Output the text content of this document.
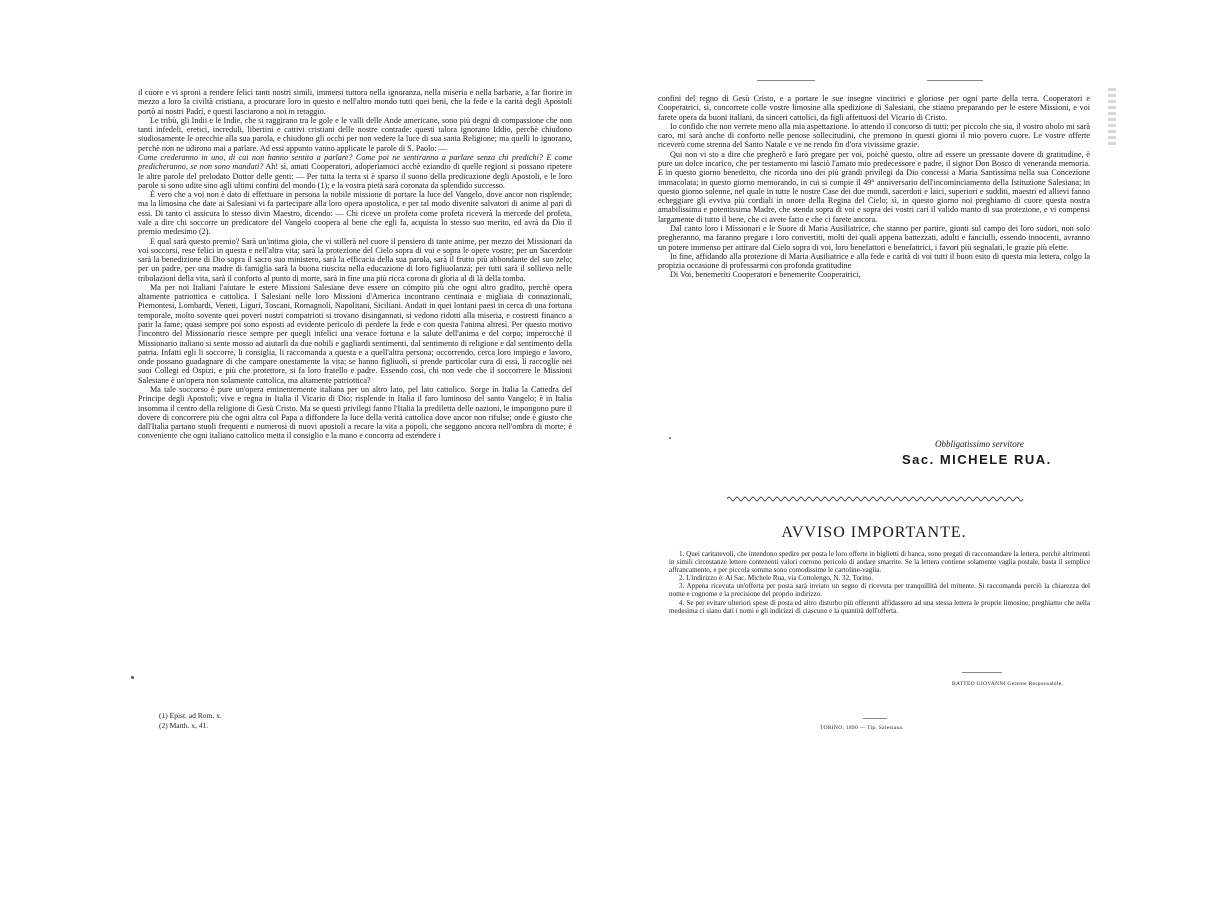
il cuore e vi sproni a rendere felici tanti nostri simili, immersi tuttora nella ignoranza, nella miseria e nella barbarie, a far fiorire in mezzo a loro la civiltà cristiana, a procurare loro in questo e nell'altro mondo tutti quei beni, che la fede e la carità degli Apostoli portò ai nostri Padri, e questi lasciarono a noi in retaggio.

Le tribù, gli Indii e le Indie, che si raggirano tra le gole e le valli delle Ande americane, sono più degni di compassione che non tanti infedeli, eretici, increduli, libertini e cattivi cristiani delle nostre contrade: questi talora ignorano Iddio, perchè chiudono studiosamente le orecchie alla sua parola, e chiudono gli occhi per non vedere la luce di sua santa Religione; ma quelli lo ignorano, perchè non ne udirono mai a parlare. Ad essi appunto vanno applicate le parole di S. Paolo: —

Come crederanno in uno, di cui non hanno sentito a parlare? Come poi ne sentiranno a parlare senza chi predichi? E come predicheranno, se non sono mandati? Ah! sì, amati Cooperatori, adoperiamoci acchè eziandio di quelle regioni si possano ripetere le altre parole del prelodato Dottor delle genti: — Per tutta la terra si è sparso il suono della predicazione degli Apostoli, e le loro parole si sono udite sino agli ultimi confini del mondo (1); e la vostra pietà sarà coronata da splendido successo.

È vero che a voi non è dato di effettuare in persona la nobile missione di portare la luce del Vangelo, dove ancor non risplende; ma la limosina che date ai Salesiani vi fa partecipare alla loro opera apostolica, e per tal modo divenite salvatori di anime al pari di essi. Di tanto ci assicura lo stesso divin Maestro, dicendo: — Chi riceve un profeta come profeta riceverà la mercede del profeta, vale a dire chi soccorre un predicatore del Vangelo coopera al bene che egli fa, acquista lo stesso suo merito, ed avrà da Dio il premio medesimo (2).

E qual sarà questo premio? Sarà un'intima gioia, che vi stillerà nel cuore il pensiero di tante anime, per mezzo dei Missionari da voi soccorsi, rese felici in questa e nell'altra vita; sarà la protezione del Cielo sopra di voi e sopra le opere vostre; per un Sacerdote sarà la benedizione di Dio sopra il sacro suo ministero, sarà la efficacia della sua parola, sarà il frutto più abbondante del suo zelo; per un padre, per una madre di famiglia sarà la buona riuscita nella educazione di loro figliuolanza; per tutti sarà il sollievo nelle tribolazioni della vita, sarà il conforto al punto di morte, sarà in fine una più ricca corona di gloria al di là della tomba.

Ma per noi Italiani l'aiutare le estere Missioni Salesiane deve essere un cómpito più che ogni altro gradito, perchè opera altamente patriottica e cattolica. I Salesiani nelle loro Missioni d'America incontrano centinaia e migliaia di connazionali, Piemontesi, Lombardi, Veneti, Liguri, Toscani, Romagnoli, Napolitani, Siciliani. Andati in quei lontani paesi in cerca di una fortuna temporale, molto sovente quei poveri nostri compatrioti si trovano disingannati, si vedono ridotti alla miseria, e costretti financo a patir la fame; quasi sempre poi sono esposti ad evidente pericolo di perdere la fede e con questa l'anima altresì. Per questo motivo l'incontro del Missionario riesce sempre per quegli infelici una verace fortuna e la salute dell'anima e del corpo; imperocchè il Missionario italiano si sente mosso ad aiutarli da due nobili e gagliardi sentimenti, dal sentimento di religione e dal sentimento della patria. Infatti egli li soccorre, li consiglia, li raccomanda a questa e a quell'altra persona; occorrendo, cerca loro impiego e lavoro, onde possano guadagnare di che campare onestamente la vita; se hanno figliuoli, si prende particolar cura di essi, li raccoglie nei suoi Collegi ed Ospizi, e più che protettore, si fa loro fratello e padre. Essendo così, chi non vede che il soccorrere le Missioni Salesiane è un'opera non solamente cattolica, ma altamente patriottica?

Ma tale soccorso è pure un'opera eminentemente italiana per un altro lato, pel lato cattolico. Sorge in Italia la Cattedra del Principe degli Apostoli; vive e regna in Italia il Vicario di Dio; risplende in Italia il faro luminoso del santo Vangelo; è in Italia insomma il centro della religione di Gesù Cristo. Ma se questi privilegi fanno l'Italia la prediletta delle nazioni, le impongono pure il dovere di concorrere più che ogni altra col Papa a diffondere la luce della verità cattolica dove ancor non rifulse; onde è giusto che dall'Italia partano stuoli frequenti e numerosi di nuovi apostoli a recare la vita a popoli, che seggono ancora nell'ombra di morte; è conveniente che ogni italiano cattolico metta il consiglio e la mano e concorra ad estendere i

(1) Epist. ad Rom. x.
(2) Matth. x, 41.

confini del regno di Gesù Cristo, e a portare le sue insegne vincitrici e gloriose per ogni parte della terra. Cooperatori e Cooperatrici, sì, concorrete colle vostre limosine alla spedizione di Salesiani, che stiamo preparando per le estere Missioni, e voi farete opera da buoni italiani, da sinceri cattolici, da figli affettuosi del Vicario di Cristo.

Io confido che non verrete meno alla mia aspettazione. Io attendo il concorso di tutti; per piccolo che sia, il vostro obolo mi sarà caro, mi sarà anche di conforto nelle penose sollecitudini, che premono in questi giorni il mio povero cuore. Le vostre offerte riceverò come strenna del Santo Natale e ve ne rendo fin d'ora vivissime grazie.

Qui non vi sto a dire che pregherò e farò pregare per voi, poichè questo, oltre ad essere un pressante dovere di gratitudine, è pure un dolce incarico, che per testamento mi lasciò l'amato mio predecessore e padre, il signor Don Bosco di veneranda memoria. E in questo giorno benedetto, che ricorda uno dei più grandi privilegi da Dio concessi a Maria Santissima nella sua Concezione immacolata; in questo giorno memorando, in cui si compie il 49° anniversario dell'incominciamento della Istituzione Salesiana; in questo giorno solenne, nel quale in tutte le nostre Case dei due mondi, sacerdoti e laici, superiori e sudditi, maestri ed allievi fanno echeggiare gli evviva più cordiali in onore della Regina del Cielo; sì, in questo giorno noi preghiamo di cuore questa nostra amabilissima e potentissima Madre, che stenda sopra di voi e sopra dei vostri cari il valido manto di sua protezione, e vi compensi largamente di tutto il bene, che ci avete fatto e che ci farete ancora.

Dal canto loro i Missionari e le Suore di Maria Ausiliatrice, che stanno per partire, giunti sul campo dei loro sudori, non solo pregheranno, ma faranno pregare i loro convertiti, molti dei quali appena battezzati, adulti e fanciulli, essendo innocenti, avranno un potere immenso per attirare dal Cielo sopra di voi, loro benefattori e benefattrici, i favori più segnalati, le grazie più elette.

In fine, affidando alla protezione di Maria Ausiliatrice e alla fede e carità di voi tutti il buon esito di questa mia lettera, colgo la propizia occasione di professarmi con profonda gratitudine

Di Voi, benemeriti Cooperatori e benemerite Cooperatrici,

Obbligatissimo servitore
Sac. MICHELE RUA.
AVVISO IMPORTANTE.

1. Quei caritatevoli, che intendono spedire per posta le loro offerte in biglietti di banca, sono pregati di raccomandare la lettera, perchè altrimenti in simili circostanze lettere contenenti valori corrono pericolo di andare smarrite. Se la lettera contiene solamente vaglia postale, basta il semplice affrancamento, e per piccola somma sono comodissime le cartoline-vaglia.

2. L'indirizzo è: Al Sac. Michele Rua, via Cottolengo, N. 32, Torino.

3. Appena ricevuta un'offerta per posta sarà inviato un segno di ricevuta per tranquillità del mittente. Si raccomanda perciò la chiarezza del nome e cognome e la precisione del proprio indirizzo.

4. Se per evitare ulteriori spese di posta ed altro disturbo più offerenti affidassero ad una stessa lettera le proprie limosine, preghiamo che nella medesima ci siano dati i nomi e gli indirizzi di ciascuno e la quantità dell'offerta.

BATTEO GIOVANNI Gerente Responsabile.
TORINO, 1890 — Tip. Salesiana.
